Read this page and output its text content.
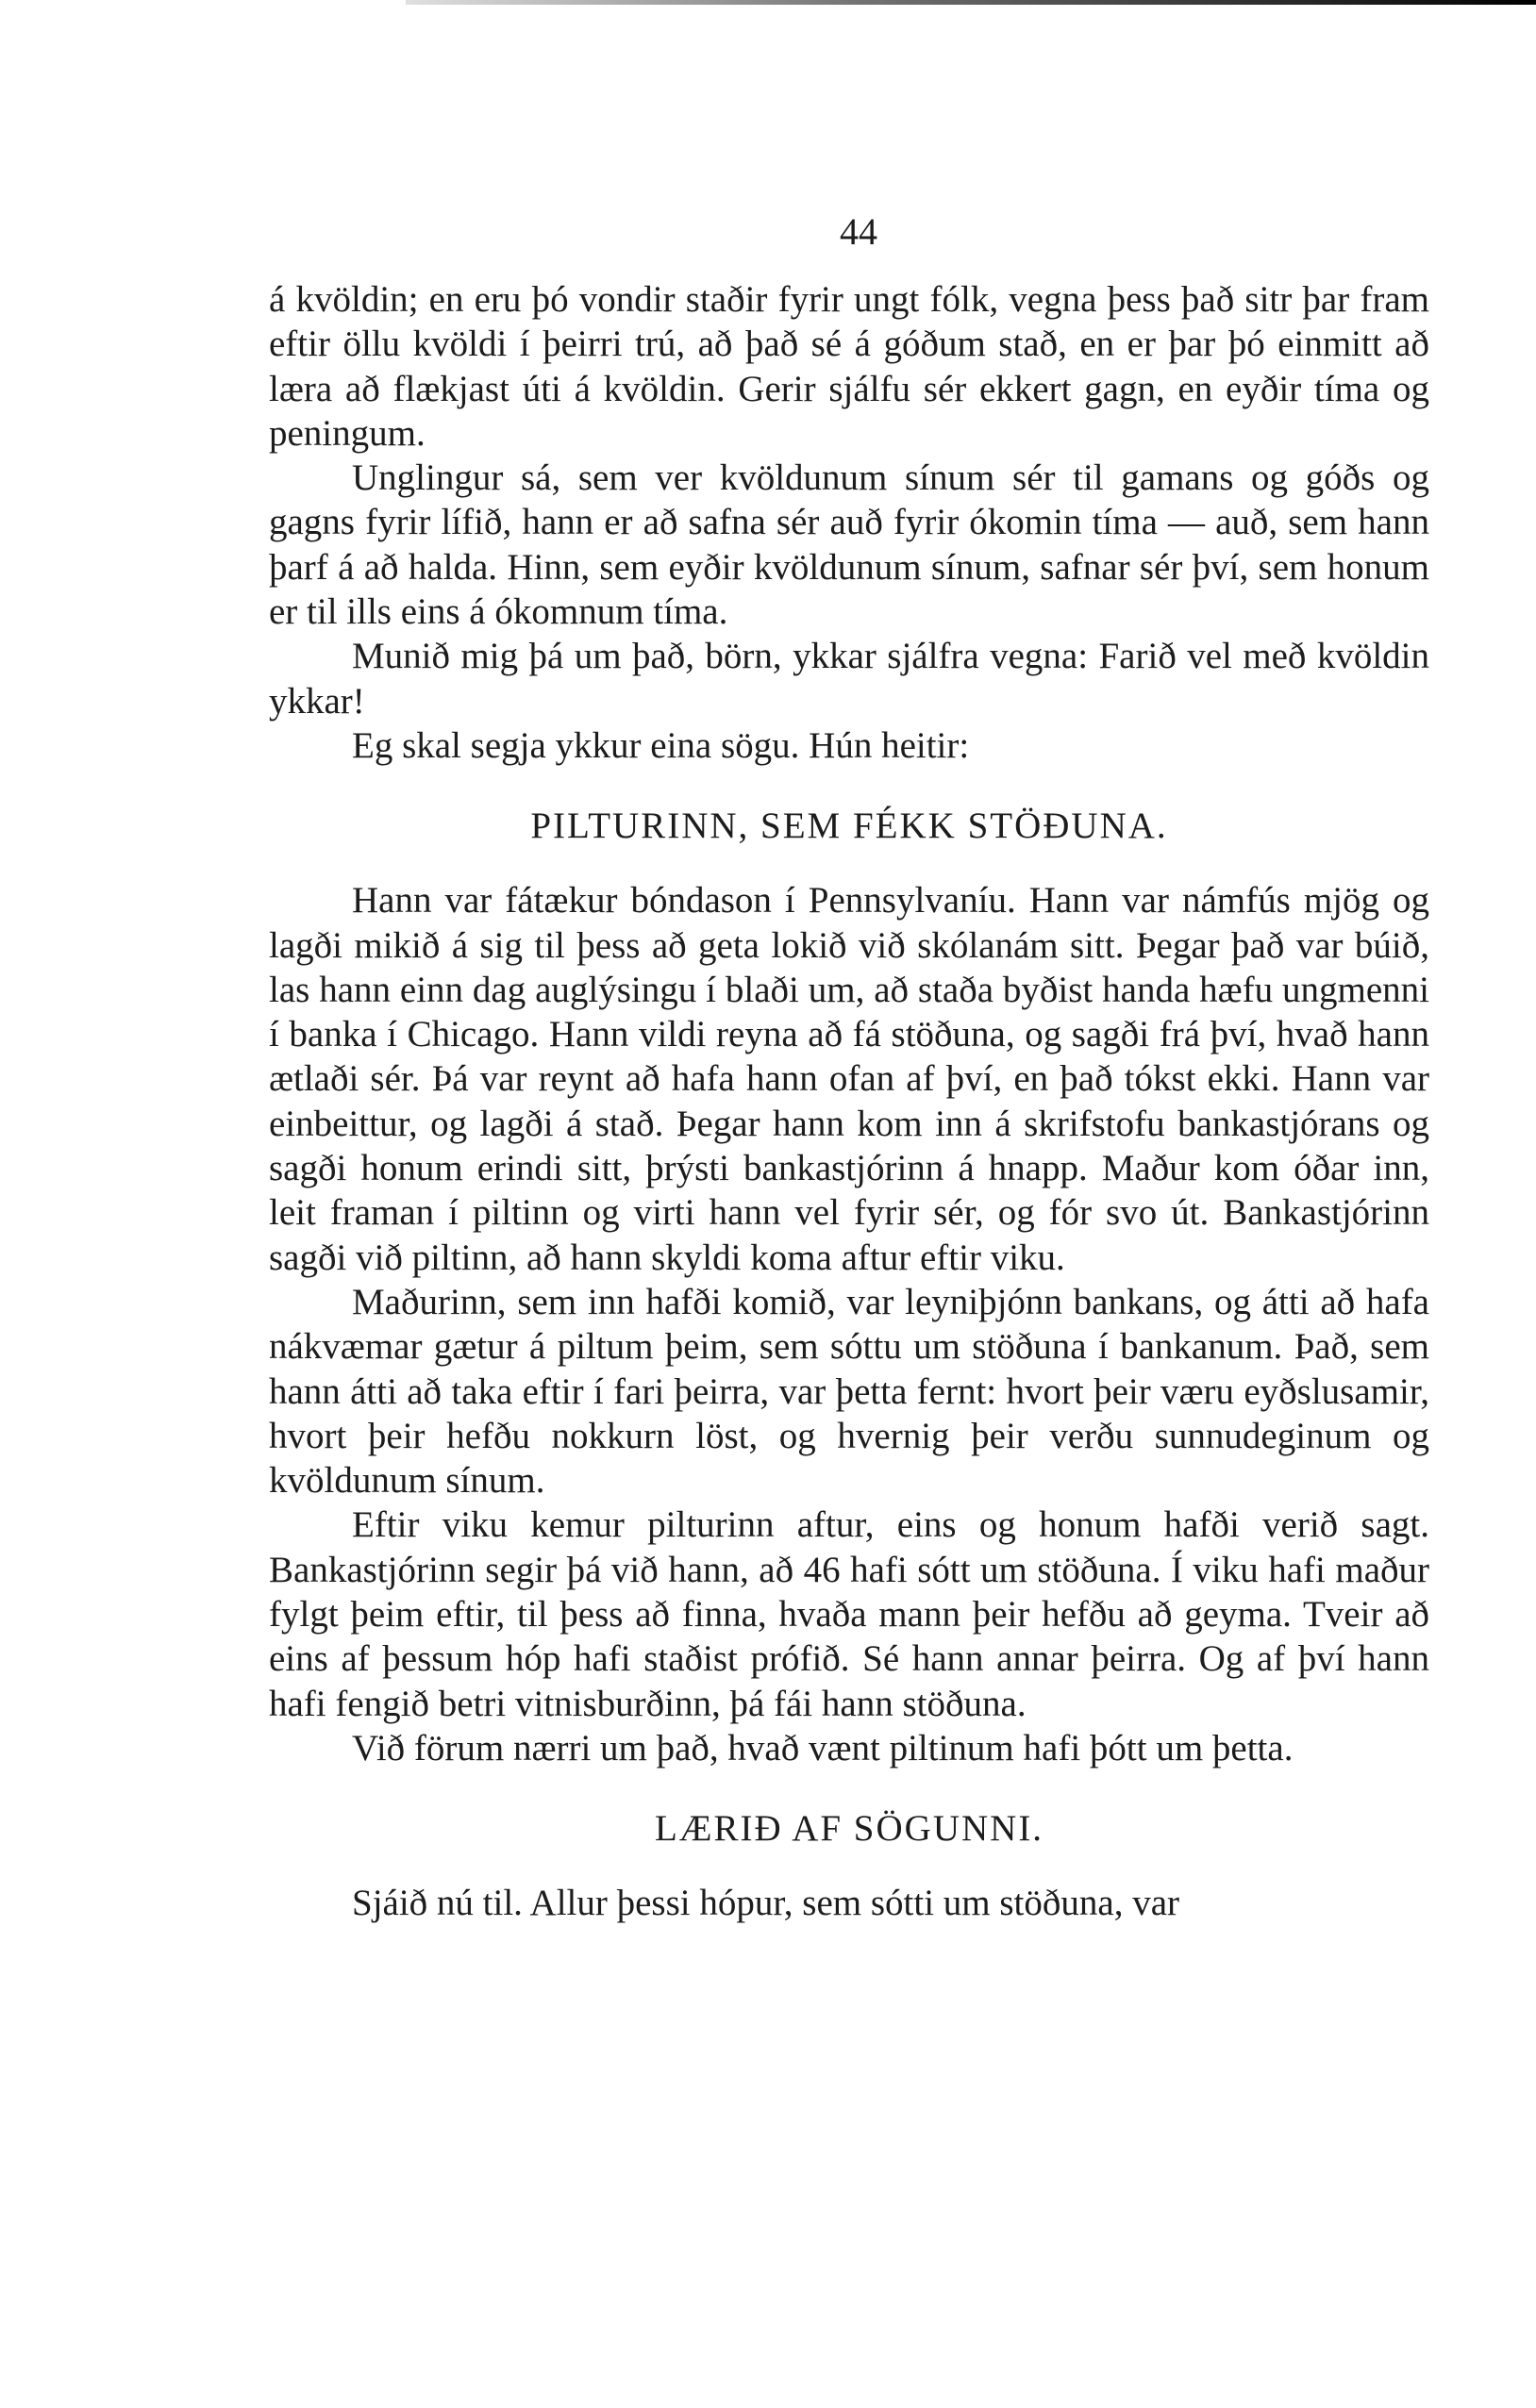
44

á kvöldin; en eru þó vondir staðir fyrir ungt fólk, vegna þess það sitr þar fram eftir öllu kvöldi í þeirri trú, að það sé á góðum stað, en er þar þó einmitt að læra að flækjast úti á kvöldin. Gerir sjálfu sér ekkert gagn, en eyðir tíma og peningum.

Unglingur sá, sem ver kvöldunum sínum sér til gamans og góðs og gagns fyrir lífið, hann er að safna sér auð fyrir ókomin tíma — auð, sem hann þarf á að halda. Hinn, sem eyðir kvöldunum sínum, safnar sér því, sem honum er til ills eins á ókomnum tíma.

Munið mig þá um það, börn, ykkar sjálfra vegna: Farið vel með kvöldin ykkar!

Eg skal segja ykkur eina sögu. Hún heitir:

PILTURINN, SEM FÉKK STÖÐUNA.

Hann var fátækur bóndason í Pennsylvaníu. Hann var námfús mjög og lagði mikið á sig til þess að geta lokið við skólanám sitt. Þegar það var búið, las hann einn dag auglýsingu í blaði um, að staða byðist handa hæfu ungmenni í banka í Chicago. Hann vildi reyna að fá stöðuna, og sagði frá því, hvað hann ætlaði sér. Þá var reynt að hafa hann ofan af því, en það tókst ekki. Hann var einbeittur, og lagði á stað. Þegar hann kom inn á skrifstofu bankastjórans og sagði honum erindi sitt, þrýsti bankastjórinn á hnapp. Maður kom óðar inn, leit framan í piltinn og virti hann vel fyrir sér, og fór svo út. Bankastjórinn sagði við piltinn, að hann skyldi koma aftur eftir viku.

Maðurinn, sem inn hafði komið, var leyniþjónn bankans, og átti að hafa nákvæmar gætur á piltum þeim, sem sóttu um stöðuna í bankanum. Það, sem hann átti að taka eftir í fari þeirra, var þetta fernt: hvort þeir væru eyðslusamir, hvort þeir hefðu nokkurn löst, og hvernig þeir verðu sunnudeginum og kvöldunum sínum.

Eftir viku kemur pilturinn aftur, eins og honum hafði verið sagt. Bankastjórinn segir þá við hann, að 46 hafi sótt um stöðuna. Í viku hafi maður fylgt þeim eftir, til þess að finna, hvaða mann þeir hefðu að geyma. Tveir að eins af þessum hóp hafi staðist prófið. Sé hann annar þeirra. Og af því hann hafi fengið betri vitnisburðinn, þá fái hann stöðuna.

Við förum nærri um það, hvað vænt piltinum hafi þótt um þetta.

LÆRIÐ AF SÖGUNNI.

Sjáið nú til. Allur þessi hópur, sem sótti um stöðuna, var
